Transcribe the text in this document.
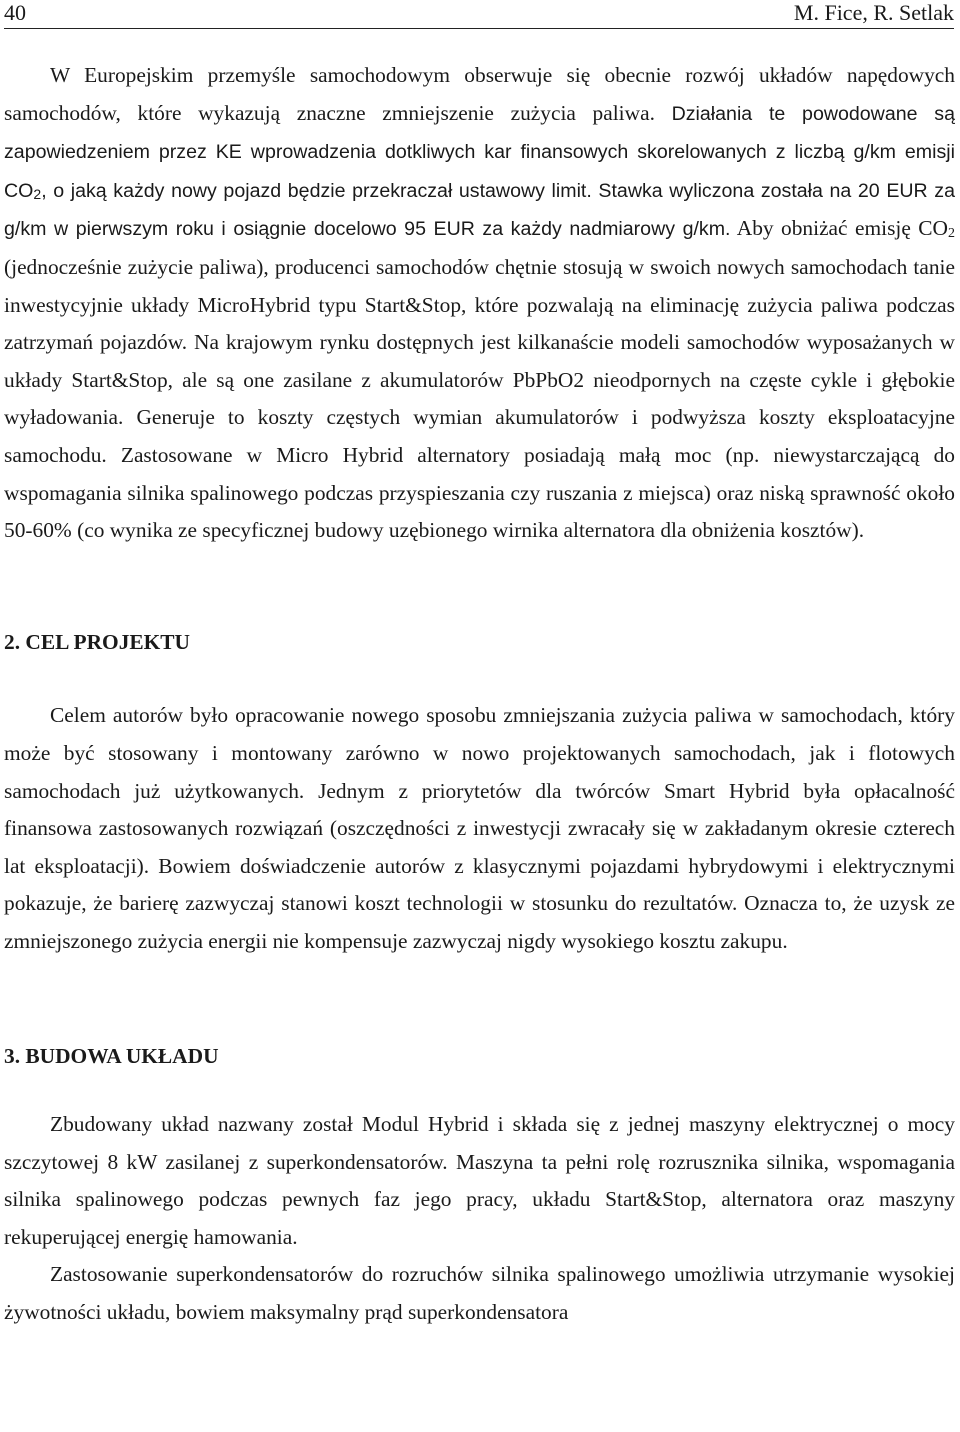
40	M. Fice, R. Setlak

W Europejskim przemyśle samochodowym obserwuje się obecnie rozwój układów napędowych samochodów, które wykazują znaczne zmniejszenie zużycia paliwa. Działania te powodowane są zapowiedzeniem przez KE wprowadzenia dotkliwych kar finansowych skorelowanych z liczbą g/km emisji $CO_2$, o jaką każdy nowy pojazd będzie przekraczał ustawowy limit. Stawka wyliczona została na 20 EUR za g/km w pierwszym roku i osiągnie docelowo 95 EUR za każdy nadmiarowy g/km. Aby obniżać emisję $CO_2$ (jednocześnie zużycie paliwa), producenci samochodów chętnie stosują w swoich nowych samochodach tanie inwestycyjnie układy MicroHybrid typu Start&Stop, które pozwalają na eliminację zużycia paliwa podczas zatrzymań pojazdów. Na krajowym rynku dostępnych jest kilkanaście modeli samochodów wyposażanych w układy Start&Stop, ale są one zasilane z akumulatorów PbPbO2 nieodpornych na częste cykle i głębokie wyładowania. Generuje to koszty częstych wymian akumulatorów i podwyższa koszty eksploatacyjne samochodu. Zastosowane w Micro Hybrid alternatory posiadają małą moc (np. niewystarczającą do wspomagania silnika spalinowego podczas przyspieszania czy ruszania z miejsca) oraz niską sprawność około 50-60% (co wynika ze specyficznej budowy uzębionego wirnika alternatora dla obniżenia kosztów).

2. CEL PROJEKTU

Celem autorów było opracowanie nowego sposobu zmniejszania zużycia paliwa w samochodach, który może być stosowany i montowany zarówno w nowo projektowanych samochodach, jak i flotowych samochodach już użytkowanych. Jednym z priorytetów dla twórców Smart Hybrid była opłacalność finansowa zastosowanych rozwiązań (oszczędności z inwestycji zwracały się w zakładanym okresie czterech lat eksploatacji). Bowiem doświadczenie autorów z klasycznymi pojazdami hybrydowymi i elektrycznymi pokazuje, że barierę zazwyczaj stanowi koszt technologii w stosunku do rezultatów. Oznacza to, że uzysk ze zmniejszonego zużycia energii nie kompensuje zazwyczaj nigdy wysokiego kosztu zakupu.

3. BUDOWA UKŁADU

Zbudowany układ nazwany został Modul Hybrid i składa się z jednej maszyny elektrycznej o mocy szczytowej 8 kW zasilanej z superkondensatorów. Maszyna ta pełni rolę rozrusznika silnika, wspomagania silnika spalinowego podczas pewnych faz jego pracy, układu Start&Stop, alternatora oraz maszyny rekuperującej energię hamowania.

Zastosowanie superkondensatorów do rozruchów silnika spalinowego umożliwia utrzymanie wysokiej żywotności układu, bowiem maksymalny prąd superkondensatora
